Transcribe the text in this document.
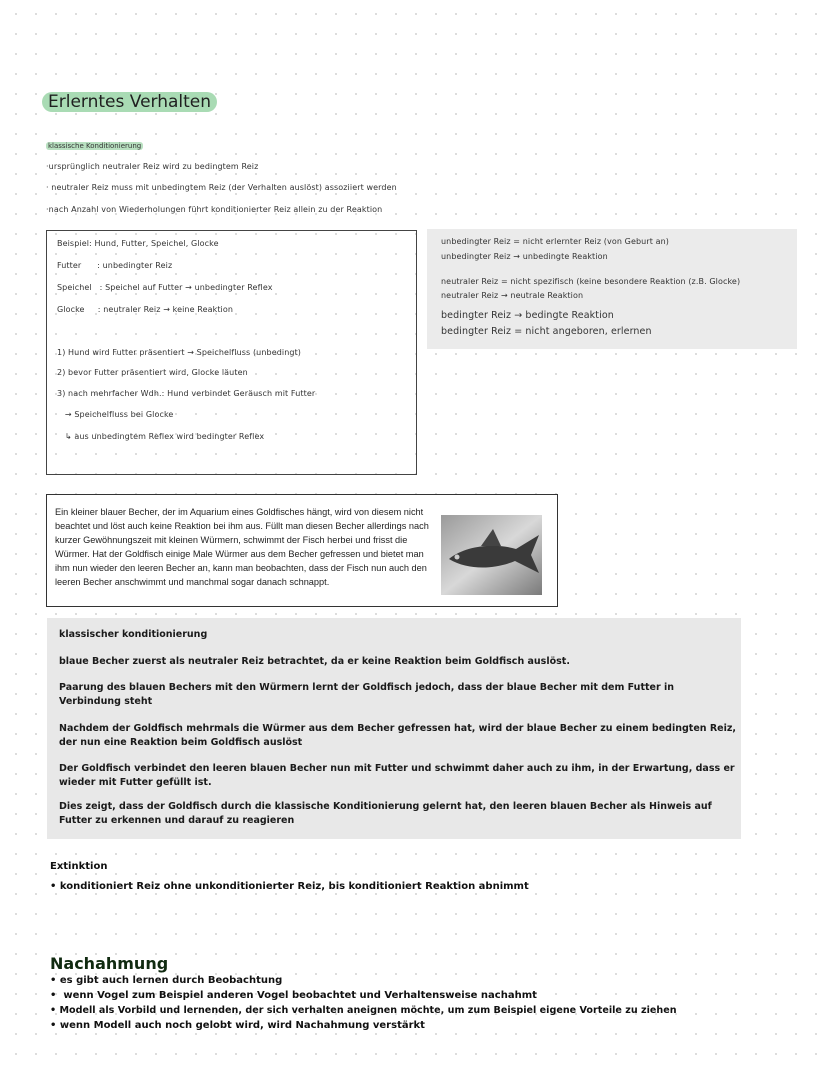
Erlerntes Verhalten
klassische Konditionierung
·ursprünglich neutraler Reiz wird zu bedingtem Reiz
· neutraler Reiz muss mit unbedingtem Reiz (der Verhalten auslöst) assoziiert werden
·nach Anzahl von Wiederholungen führt konditionierter Reiz allein zu der Reaktion
Beispiel: Hund, Futter, Speichel, Glocke
Futter      : unbedingter Reiz
Speichel   : Speichel auf Futter → unbedingter Reflex
Glocke     : neutraler Reiz → keine Reaktion
1) Hund wird Futter präsentiert → Speichelfluss (unbedingt)
2) bevor Futter präsentiert wird, Glocke läuten
3) nach mehrfacher Wdh.: Hund verbindet Geräusch mit Futter
→ Speichelfluss bei Glocke
↳ aus unbedingtem Reflex wird bedingter Reflex
unbedingter Reiz = nicht erlernter Reiz (von Geburt an)
unbedingter Reiz → unbedingte Reaktion
neutraler Reiz = nicht spezifisch (keine besondere Reaktion (z.B. Glocke)
neutraler Reiz → neutrale Reaktion
bedingter Reiz → bedingte Reaktion
bedingter Reiz = nicht angeboren, erlernen
Ein kleiner blauer Becher, der im Aquarium eines Goldfisches hängt, wird von diesem nicht beachtet und löst auch keine Reaktion bei ihm aus. Füllt man diesen Becher allerdings nach kurzer Gewöhnungszeit mit kleinen Würmern, schwimmt der Fisch herbei und frisst die Würmer. Hat der Goldfisch einige Male Würmer aus dem Becher gefressen und bietet man ihm nun wieder den leeren Becher an, kann man beobachten, dass der Fisch nun auch den leeren Becher anschwimmt und manchmal sogar danach schnappt.
klassischer konditionierung
blaue Becher zuerst als neutraler Reiz betrachtet, da er keine Reaktion beim Goldfisch auslöst.
Paarung des blauen Bechers mit den Würmern lernt der Goldfisch jedoch, dass der blaue Becher mit dem Futter in Verbindung steht
Nachdem der Goldfisch mehrmals die Würmer aus dem Becher gefressen hat, wird der blaue Becher zu einem bedingten Reiz, der nun eine Reaktion beim Goldfisch auslöst
Der Goldfisch verbindet den leeren blauen Becher nun mit Futter und schwimmt daher auch zu ihm, in der Erwartung, dass er wieder mit Futter gefüllt ist.
Dies zeigt, dass der Goldfisch durch die klassische Konditionierung gelernt hat, den leeren blauen Becher als Hinweis auf Futter zu erkennen und darauf zu reagieren
Extinktion
• konditioniert Reiz ohne unkonditionierter Reiz, bis konditioniert Reaktion abnimmt
Nachahmung
• es gibt auch lernen durch Beobachtung
•  wenn Vogel zum Beispiel anderen Vogel beobachtet und Verhaltensweise nachahmt
• Modell als Vorbild und lernenden, der sich verhalten aneignen möchte, um zum Beispiel eigene Vorteile zu ziehen
• wenn Modell auch noch gelobt wird, wird Nachahmung verstärkt
